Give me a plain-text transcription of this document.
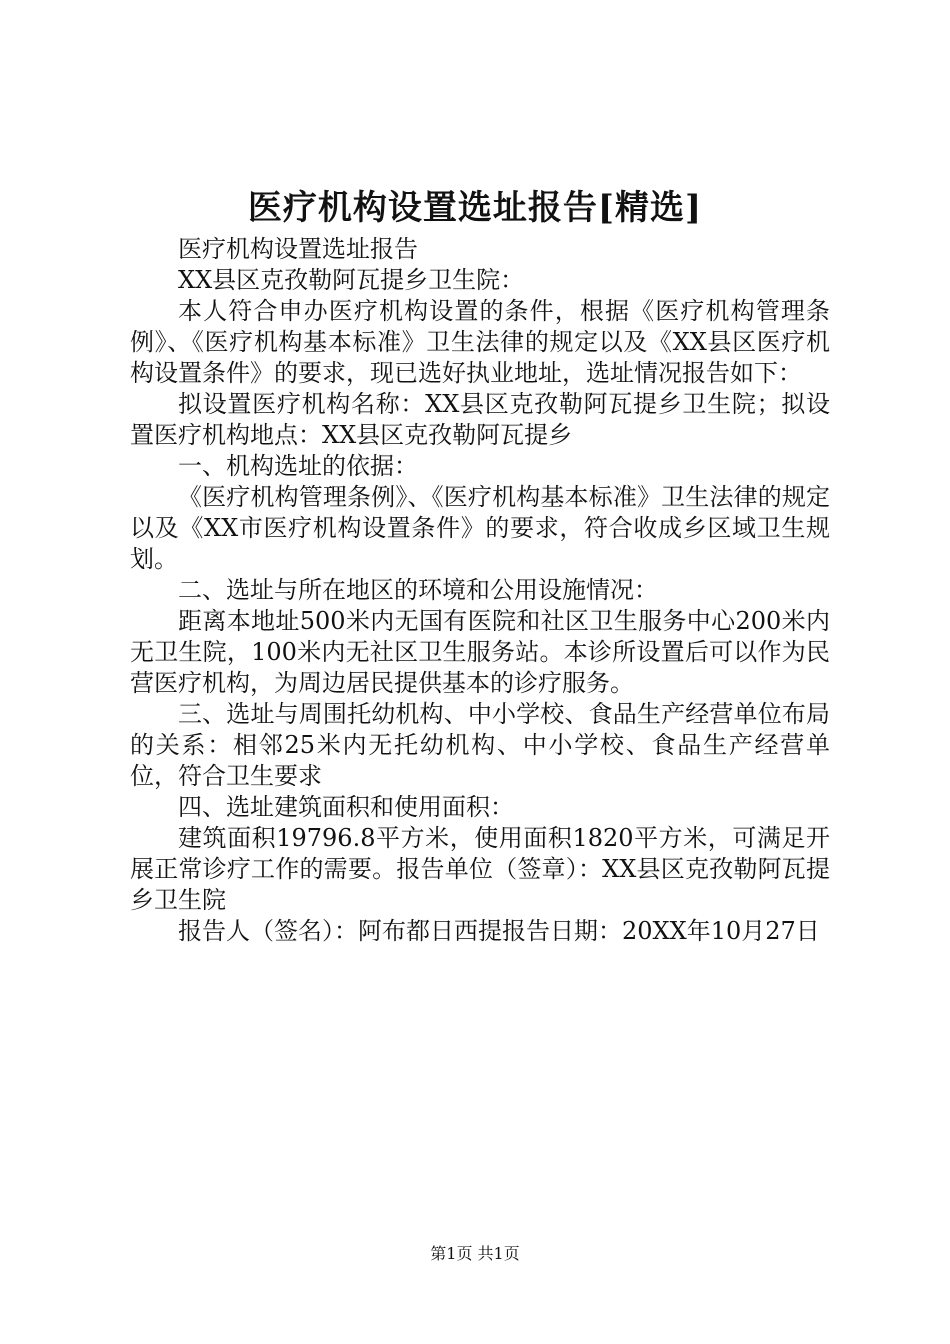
医疗机构设置选址报告[精选]

医疗机构设置选址报告

XX县区克孜勒阿瓦提乡卫生院：

本人符合申办医疗机构设置的条件，根据《医疗机构管理条例》、《医疗机构基本标准》卫生法律的规定以及《XX县区医疗机构设置条件》的要求，现已选好执业地址，选址情况报告如下：

拟设置医疗机构名称：XX县区克孜勒阿瓦提乡卫生院；拟设置医疗机构地点：XX县区克孜勒阿瓦提乡

一、机构选址的依据：

《医疗机构管理条例》、《医疗机构基本标准》卫生法律的规定以及《XX市医疗机构设置条件》的要求，符合收成乡区域卫生规划。

二、选址与所在地区的环境和公用设施情况：

距离本地址500米内无国有医院和社区卫生服务中心200米内无卫生院，100米内无社区卫生服务站。本诊所设置后可以作为民营医疗机构，为周边居民提供基本的诊疗服务。

三、选址与周围托幼机构、中小学校、食品生产经营单位布局的关系：相邻25米内无托幼机构、中小学校、食品生产经营单位，符合卫生要求

四、选址建筑面积和使用面积：

建筑面积19796.8平方米，使用面积1820平方米，可满足开展正常诊疗工作的需要。报告单位（签章）：XX县区克孜勒阿瓦提乡卫生院

报告人（签名）：阿布都日西提报告日期：20XX年10月27日

第1页 共1页
